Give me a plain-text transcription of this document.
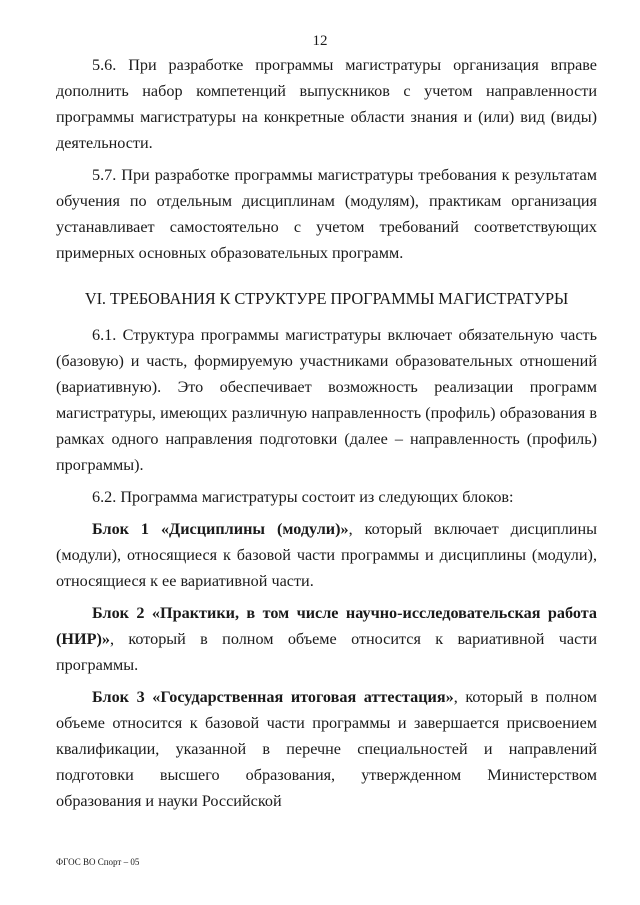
12

5.6. При разработке программы магистратуры организация вправе дополнить набор компетенций выпускников с учетом направленности программы магистратуры на конкретные области знания и (или) вид (виды) деятельности.

5.7. При разработке программы магистратуры требования к результатам обучения по отдельным дисциплинам (модулям), практикам организация устанавливает самостоятельно с учетом требований соответствующих примерных основных образовательных программ.

VI. ТРЕБОВАНИЯ К СТРУКТУРЕ ПРОГРАММЫ МАГИСТРАТУРЫ

6.1. Структура программы магистратуры включает обязательную часть (базовую) и часть, формируемую участниками образовательных отношений (вариативную). Это обеспечивает возможность реализации программ магистратуры, имеющих различную направленность (профиль) образования в рамках одного направления подготовки (далее – направленность (профиль) программы).

6.2. Программа магистратуры состоит из следующих блоков:

Блок 1 «Дисциплины (модули)», который включает дисциплины (модули), относящиеся к базовой части программы и дисциплины (модули), относящиеся к ее вариативной части.

Блок 2 «Практики, в том числе научно-исследовательская работа (НИР)», который в полном объеме относится к вариативной части программы.

Блок 3 «Государственная итоговая аттестация», который в полном объеме относится к базовой части программы и завершается присвоением квалификации, указанной в перечне специальностей и направлений подготовки высшего образования, утвержденном Министерством образования и науки Российской

ФГОС ВО Спорт – 05
